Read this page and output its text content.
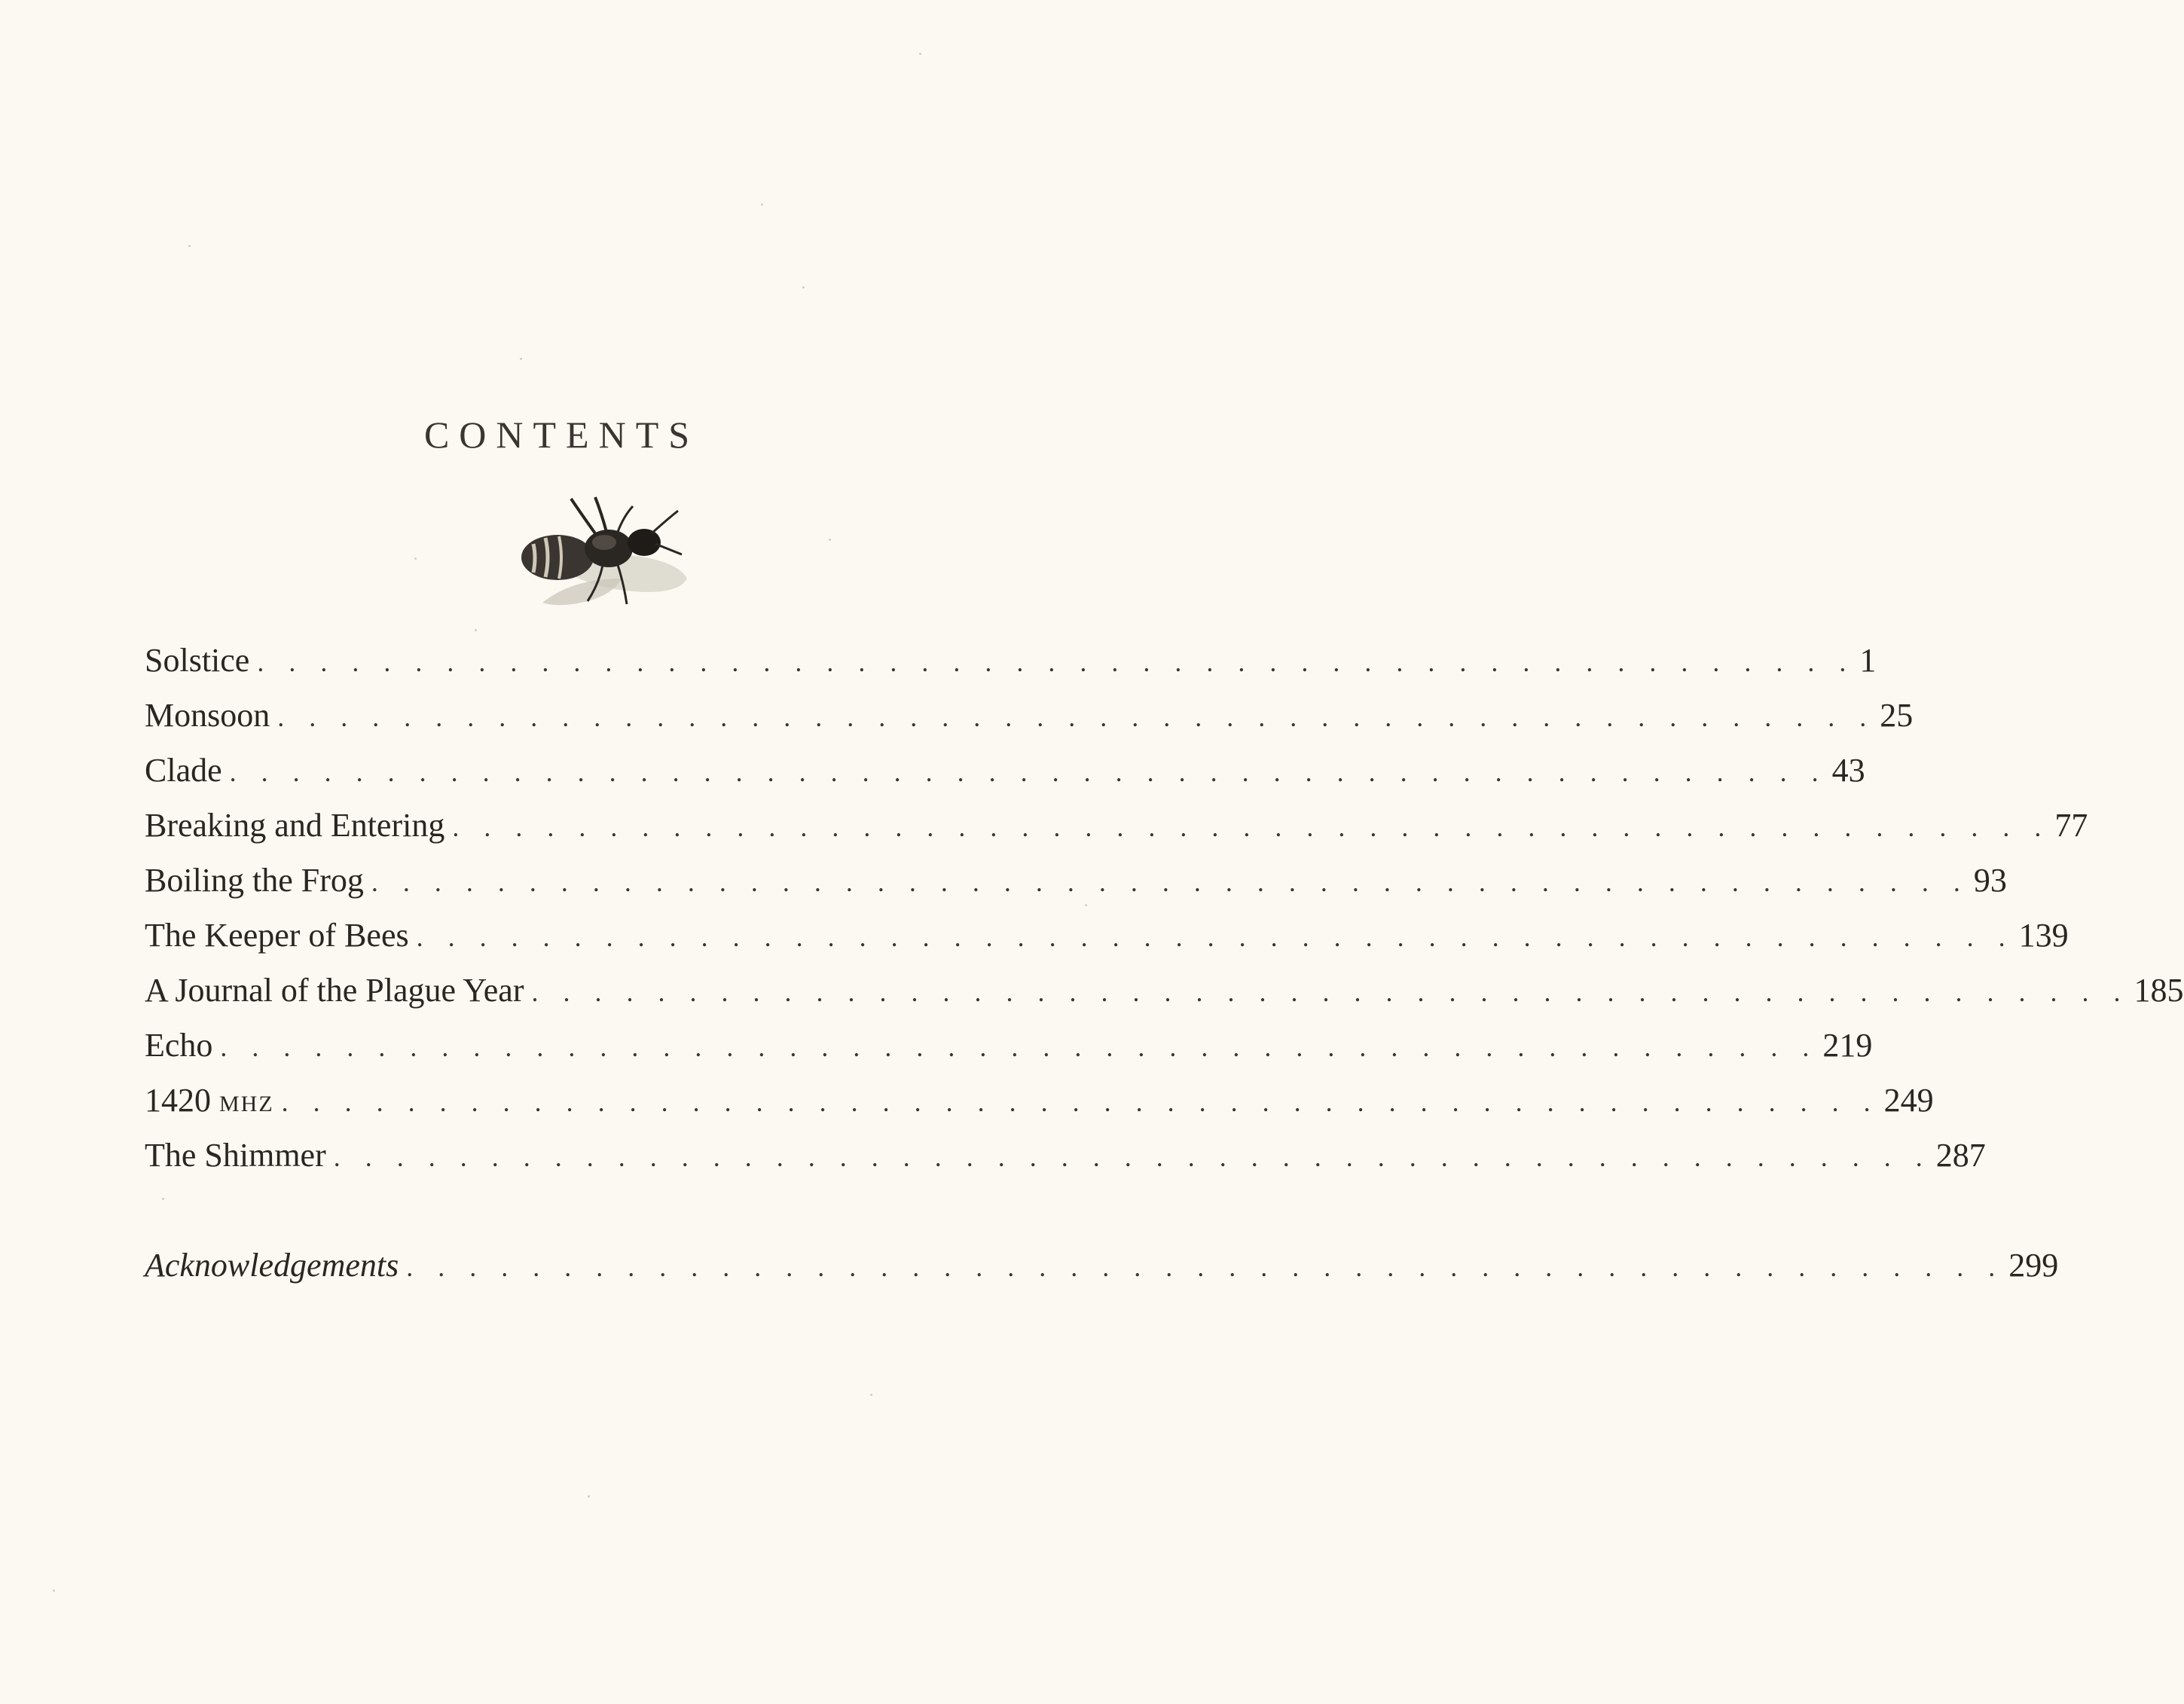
CONTENTS
Solstice . . . . . . . . . . . . . . . . . . . . . . . . . . . . . . . . . . . . . . . . . . . . . . . . . . . 1
Monsoon . . . . . . . . . . . . . . . . . . . . . . . . . . . . . . . . . . . . . . . . . . . . . . . . . . . 25
Clade . . . . . . . . . . . . . . . . . . . . . . . . . . . . . . . . . . . . . . . . . . . . . . . . . . . 43
Breaking and Entering . . . . . . . . . . . . . . . . . . . . . . . . . . . . . . . . . . . . . . . . . . . . . . . . . . . 77
Boiling the Frog . . . . . . . . . . . . . . . . . . . . . . . . . . . . . . . . . . . . . . . . . . . . . . . . . . . 93
The Keeper of Bees . . . . . . . . . . . . . . . . . . . . . . . . . . . . . . . . . . . . . . . . . . . . . . . . . . . 139
A Journal of the Plague Year . . . . . . . . . . . . . . . . . . . . . . . . . . . . . . . . . . . . . . . . . . . . . . . . . . . 185
Echo . . . . . . . . . . . . . . . . . . . . . . . . . . . . . . . . . . . . . . . . . . . . . . . . . . . 219
1420 MHZ . . . . . . . . . . . . . . . . . . . . . . . . . . . . . . . . . . . . . . . . . . . . . . . . . . . 249
The Shimmer . . . . . . . . . . . . . . . . . . . . . . . . . . . . . . . . . . . . . . . . . . . . . . . . . . . 287
Acknowledgements . . . . . . . . . . . . . . . . . . . . . . . . . . . . . . . . . . . . . . . . . . . . . . . . . . . 299
